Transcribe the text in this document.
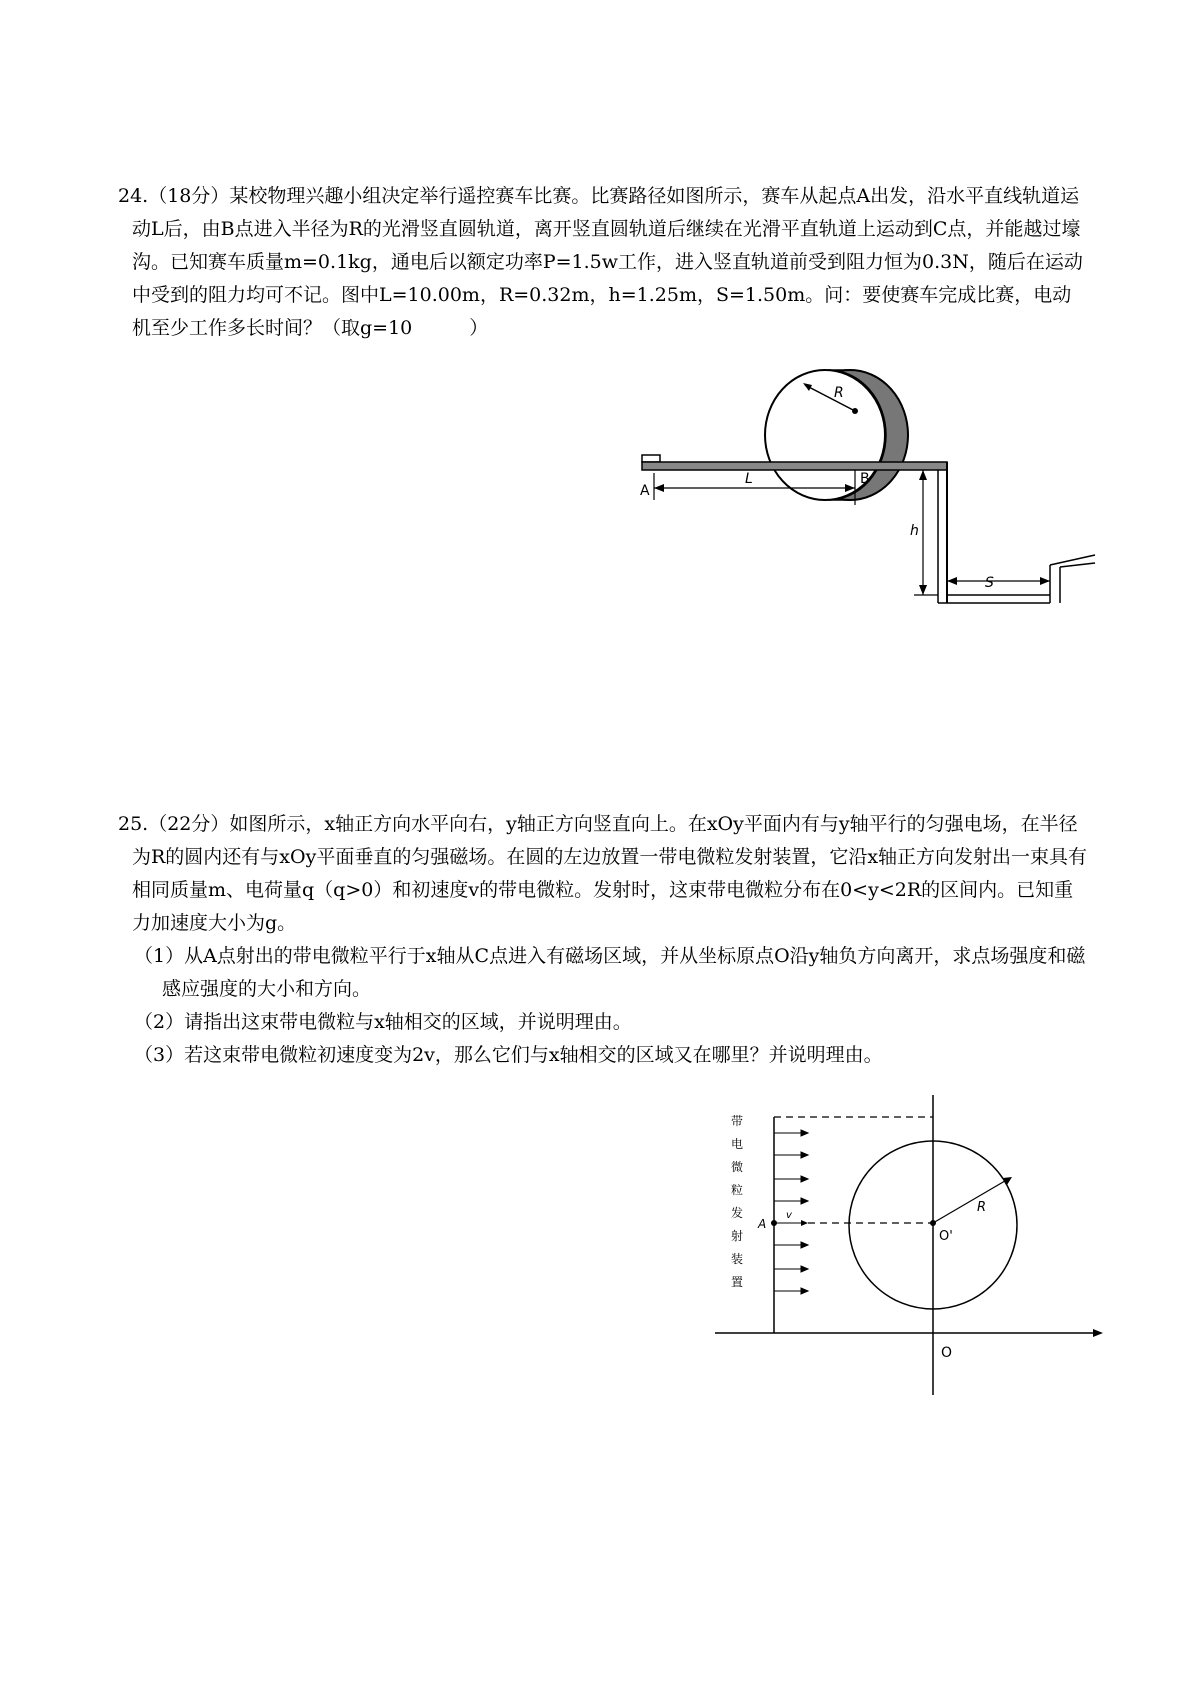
24.（18分）某校物理兴趣小组决定举行遥控赛车比赛。比赛路径如图所示，赛车从起点A出发，沿水平直线轨道运动L后，由B点进入半径为R的光滑竖直圆轨道，离开竖直圆轨道后继续在光滑平直轨道上运动到C点，并能越过壕沟。已知赛车质量m=0.1kg，通电后以额定功率P=1.5w工作，进入竖直轨道前受到阻力恒为0.3N，随后在运动中受到的阻力均可不记。图中L=10.00m，R=0.32m，h=1.25m，S=1.50m。问：要使赛车完成比赛，电动机至少工作多长时间？（取g=10　　　）

R
A
L	B
h
S

25.（22分）如图所示，x轴正方向水平向右，y轴正方向竖直向上。在xOy平面内有与y轴平行的匀强电场，在半径为R的圆内还有与xOy平面垂直的匀强磁场。在圆的左边放置一带电微粒发射装置，它沿x轴正方向发射出一束具有相同质量m、电荷量q（q>0）和初速度v的带电微粒。发射时，这束带电微粒分布在0<y<2R的区间内。已知重力加速度大小为g。

（1）从A点射出的带电微粒平行于x轴从C点进入有磁场区域，并从坐标原点O沿y轴负方向离开，求点场强度和磁感应强度的大小和方向。

（2）请指出这束带电微粒与x轴相交的区域，并说明理由。

（3）若这束带电微粒初速度变为2v，那么它们与x轴相交的区域又在哪里？并说明理由。

带
电
微
粒
发
射
装
置
A
v
O'
R
O
